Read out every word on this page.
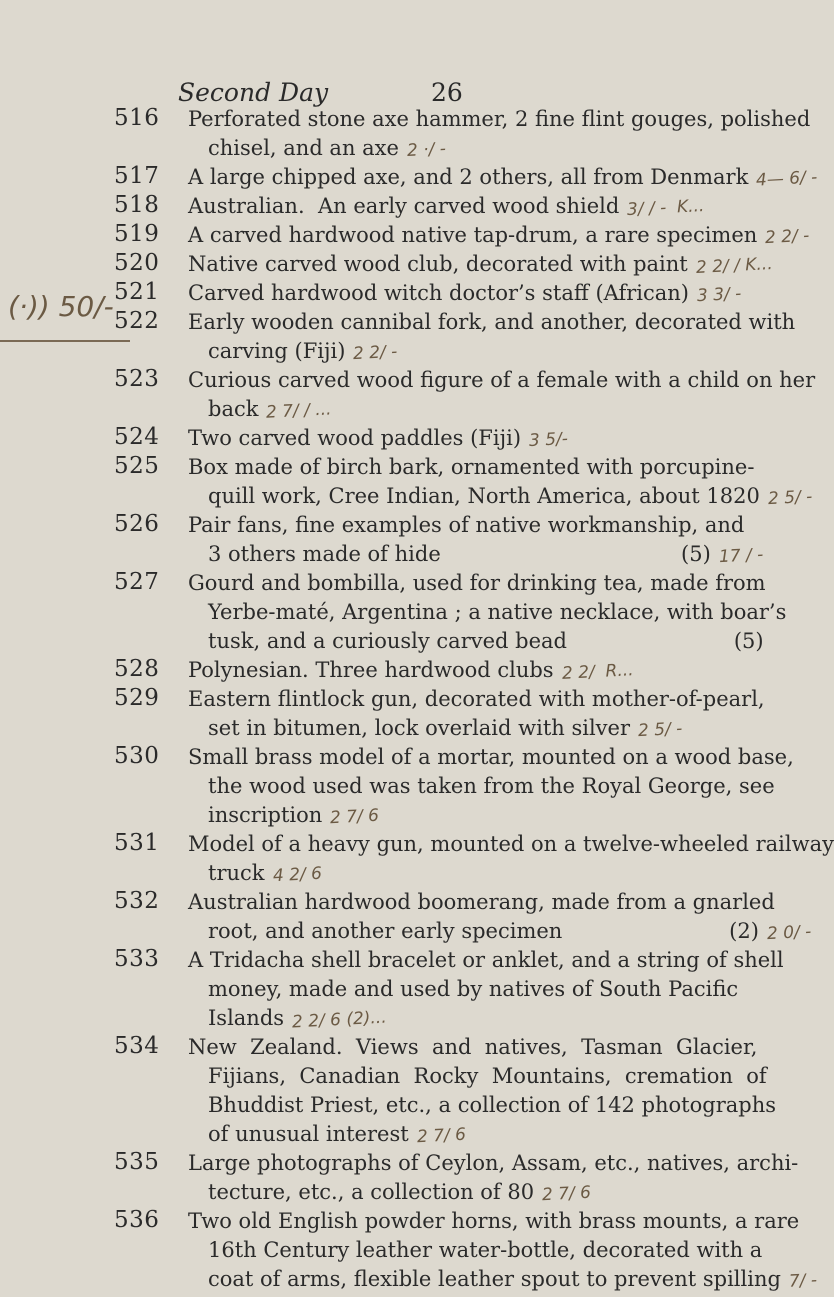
Second Day	26
(·)) 50/-
516 Perforated stone axe hammer, 2 fine flint gouges, polished
chisel, and an axe 2 ·/ -
517 A large chipped axe, and 2 others, all from Denmark 4— 6/ -
518 Australian.  An early carved wood shield 3/ / -  K...
519 A carved hardwood native tap-drum, a rare specimen 2 2/ -
520 Native carved wood club, decorated with paint 2 2/ / K...
521 Carved hardwood witch doctor’s staff (African) 3 3/ -
522 Early wooden cannibal fork, and another, decorated with
carving (Fiji) 2 2/ -
523 Curious carved wood figure of a female with a child on her
back 2 7/ / ...
524 Two carved wood paddles (Fiji) 3 5/-
525 Box made of birch bark, ornamented with porcupine-
quill work, Cree Indian, North America, about 1820 2 5/ -
526 Pair fans, fine examples of native workmanship, and
3 others made of hide                                    (5) 17 / -
527 Gourd and bombilla, used for drinking tea, made from
Yerbe-maté, Argentina ; a native necklace, with boar’s
tusk, and a curiously carved bead                         (5)
528 Polynesian. Three hardwood clubs 2 2/  R...
529 Eastern flintlock gun, decorated with mother-of-pearl,
set in bitumen, lock overlaid with silver 2 5/ -
530 Small brass model of a mortar, mounted on a wood base,
the wood used was taken from the Royal George, see
inscription 2 7/ 6
531 Model of a heavy gun, mounted on a twelve-wheeled railway
truck 4 2/ 6
532 Australian hardwood boomerang, made from a gnarled
root, and another early specimen                         (2) 2 0/ -
533 A Tridacha shell bracelet or anklet, and a string of shell
money, made and used by natives of South Pacific
Islands 2 2/ 6 (2)...
534 New  Zealand.  Views  and  natives,  Tasman  Glacier,
Fijians,  Canadian  Rocky  Mountains,  cremation  of
Bhuddist Priest, etc., a collection of 142 photographs
of unusual interest 2 7/ 6
535 Large photographs of Ceylon, Assam, etc., natives, archi-
tecture, etc., a collection of 80 2 7/ 6
536 Two old English powder horns, with brass mounts, a rare
16th Century leather water-bottle, decorated with a
coat of arms, flexible leather spout to prevent spilling 7/ -
